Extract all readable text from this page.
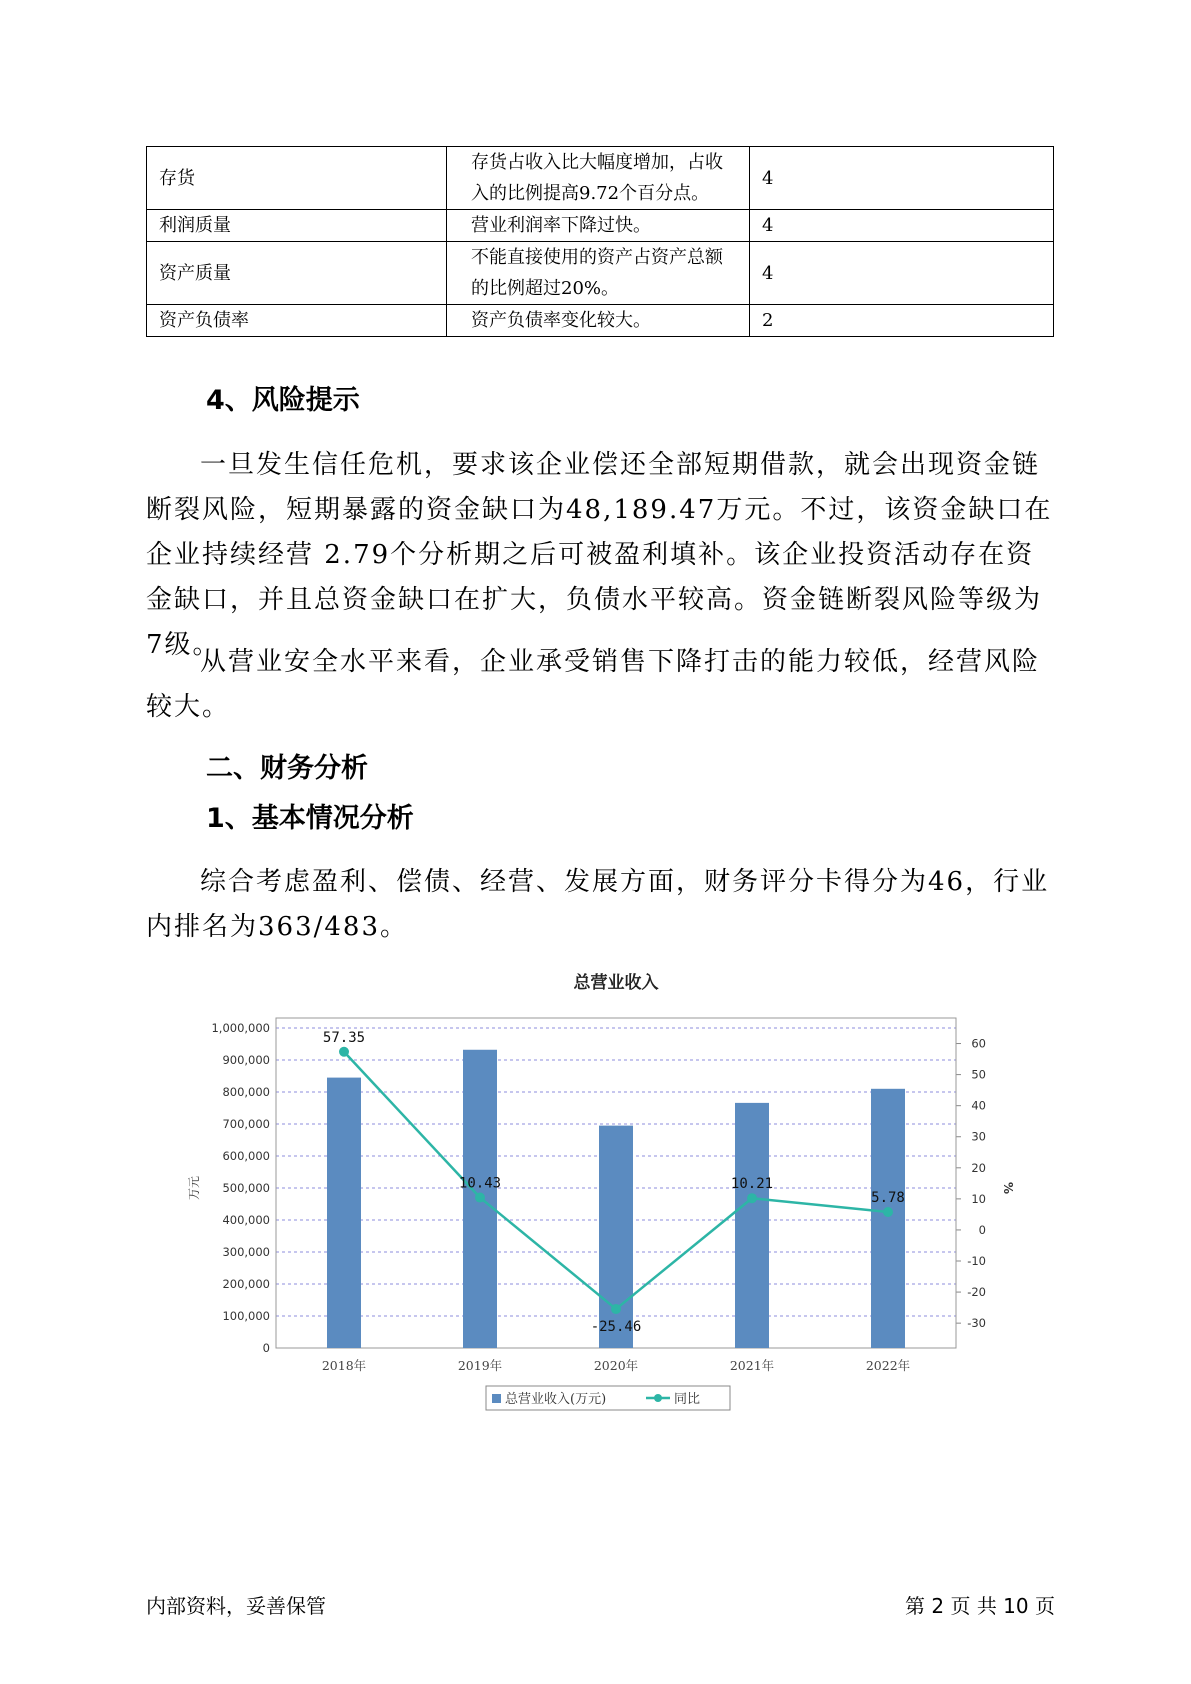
存货	存货占收入比大幅度增加，占收
入的比例提高9.72个百分点。	4
利润质量	营业利润率下降过快。	4
资产质量	不能直接使用的资产占资产总额
的比例超过20%。	4
资产负债率	资产负债率变化较大。	2
4、风险提示

一旦发生信任危机，要求该企业偿还全部短期借款，就会出现资金链断裂风险，短期暴露的资金缺口为48,189.47万元。不过，该资金缺口在企业持续经营 2.79个分析期之后可被盈利填补。该企业投资活动存在资金缺口，并且总资金缺口在扩大，负债水平较高。资金链断裂风险等级为7级。

从营业安全水平来看，企业承受销售下降打击的能力较低，经营风险较大。

二、财务分析
1、基本情况分析

综合考虑盈利、偿债、经营、发展方面，财务评分卡得分为46，行业内排名为363/483。

总营业收入
0
100,000
200,000
300,000
400,000
500,000
600,000
700,000
800,000
900,000
1,000,000
-30
-20
-10
0
10
20
30
40
50
60
万元	%
2018年	2019年	2020年	2021年	2022年
57.35
10.43
-25.46
10.21
5.78
总营业收入(万元)	同比
内部资料，妥善保管	第 2 页 共 10 页
